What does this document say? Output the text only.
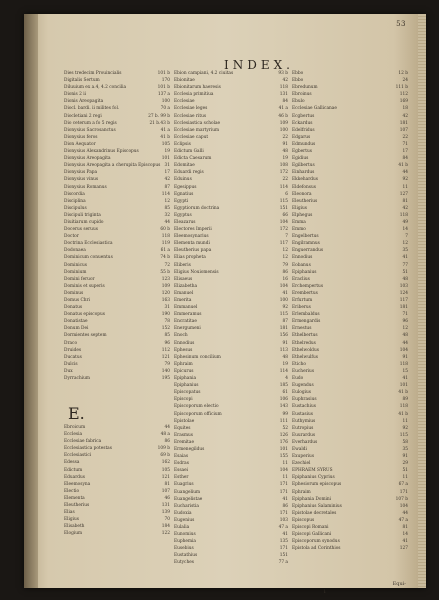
53
INDEX.
Dies tredecim Prouincialis	101 b
Digitalis Sertum	170
Diluuium ex a.4, 4.2 concilia	101 b
Dionis 2 ii	137 a
Dionis Areopagita	100
Diocl. bardi. ii milites fol.	70 a
Diocletiani 2 regi	27 b. 99 b
Dio ceterum a fo 5 regis	21 b.43 b
Dionysius Sacrosanctus	41 a
Dionysius feros	41 b
Dion Aequator	105
Dionysius Alexandrinus Episcopus	19
Dionysius Areopagita	101
Dionysius Areopagita a cherupita Episcopus 31
Dionysius Papa	17
Dionysius vinus	42
Dionysius Romanus	87
Discordia	114
Disciplina	12
Discipulus	85
Discipuli triginta	32
Diuitiarum cupido	44
Docerus seruus	60 b
Doctor	118
Doctrina Ecclesiastica	119
Dodonaea	61 a
Dominicum conuentus	74 b
Dominicus	72
Dominium	55 b
Domini feruor	123
Dominis et superis	109
Dominus	120
Domus Chri	163
Donatus	31
Donatus episcopus	190
Donatistae	78
Donum Dei	152
Dormientes septem	85
Draco	96
Druides	112
Ducatus	121
Dulcis	79
Dux	140
Dyrrachium	195
E.
Ebroicum	44
Ecclesia	48 a
Ecclesiae fabrica	86
Ecclesiastica potestas	109 b
Ecclesiastici	69 b
Edessa	162
Edictum	105
Eduardus	121
Eleemosyna	81
Electio	107
Elementa	46
Eleutherius	131
Elias	139
Eligius	70
Elisabeth	184
Elogium	122
Ebion campiani, 4.2 ciuitas	93 b
Ebionitae	42
Ebionitarum haeresis	118
Ecclesia primitiua	131
Ecclesiae	84
Ecclesiae leges	41 a
Ecclesiae ritus	46 b
Ecclesiastica scholae	109
Ecclesiae martyrium	100
Ecclesiae caput	22
Eclipsis	91
Edictum Galli	48
Edicta Caesarum	19
Edomitae	108
Eduardi regis	172
Eduinus	22
Egesippus	114
Egnatius	6
Egypti	115
Egyptiorum doctrina	151
Egyptus	66
Eleazarus	104
Electores Imperii	172
Eleemosynarius	7
Elementa mundi	117
Eleutherius papa	12
Elias propheta	12
Eliberis	79
Eligius Nouiomensis	86
Elisaeus	16
Elizabetha	104
Emanuel	41
Emerita	100
Emmanuel	92
Emmeramus	115
Encratitae	87
Energumeni	181
Enoch	156
Ennodius	91
Ephesus	113
Ephesinum concilium	48
Ephraim	19
Epicurus	114
Epiphania	4
Epiphanius	185
Episcopatus	61
Episcopi	106
Episcoporum electio	143
Episcoporum officium	99
Epistolae	111
Equites	52
Erasmus	126
Eremitae	176
Ermenegildus	101
Esaias	155
Esdras	11
Essaei	104
Esther	11
Euagrius	171
Euangelium	171
Euangelistae	41
Eucharistia	86
Eudoxia	171
Eugenius	103
Eulalia	47 a
Eunomius	41
Euphemia	135
Eusebius	171
Eustathius	151
Eutyches	77 a
Ebbo	12 b
Ebbo	24
Ebredunum	111 b
Ebroinus	112
Ebulo	169
Ecclesiae Gallicanae	18
Ecgbertus	42
Eckardus	181
Edelfridus	107
Edgarus	22
Edmundus	71
Egbertus	17
Egidius	84
Egilbertus	41 b
Einhardus	44
Ekkehardus	92
Eldefonsus	11
Eleonora	127
Eleutherius	81
Eligius	42
Elphegus	118
Emma	49
Emmo	14
Engelbertus	7
Engilramnus	12
Enguerrandus	35
Ennodius	41
Eobanus	77
Epiphanius	51
Eraclius	48
Erchempertus	103
Erembertus	124
Erfurtum	117
Eriberus	181
Erlembaldus	71
Ermengardis	96
Ernestus	12
Ethelbertus	48
Ethelredus	44
Ethelwoldus	104
Ethelwulfus	91
Eticho	118
Eucherius	15
Eudo	41
Eugendus	101
Eulogius	41 b
Euphrasius	89
Eustachius	118
Eustasius	41 b
Euthymius	11
Eutropius	92
Euurardus	115
Everhardus	58
Ewaldi	35
Exuperius	91
Ezechiel	29
EPHRAEM SYRUS	51
Epiphanius Cyprius	11
Ephesiorum episcopus	67 a
Ephraim	171
Epiphania Domini	107 b
Epiphanius Salaminius	104
Epistolae decretales	44
Episcopus	47 a
Episcopi Romani	81
Episcopi Gallicani	14
Episcoporum synodus	41
Epistola ad Corinthios	127
Equi-
i
